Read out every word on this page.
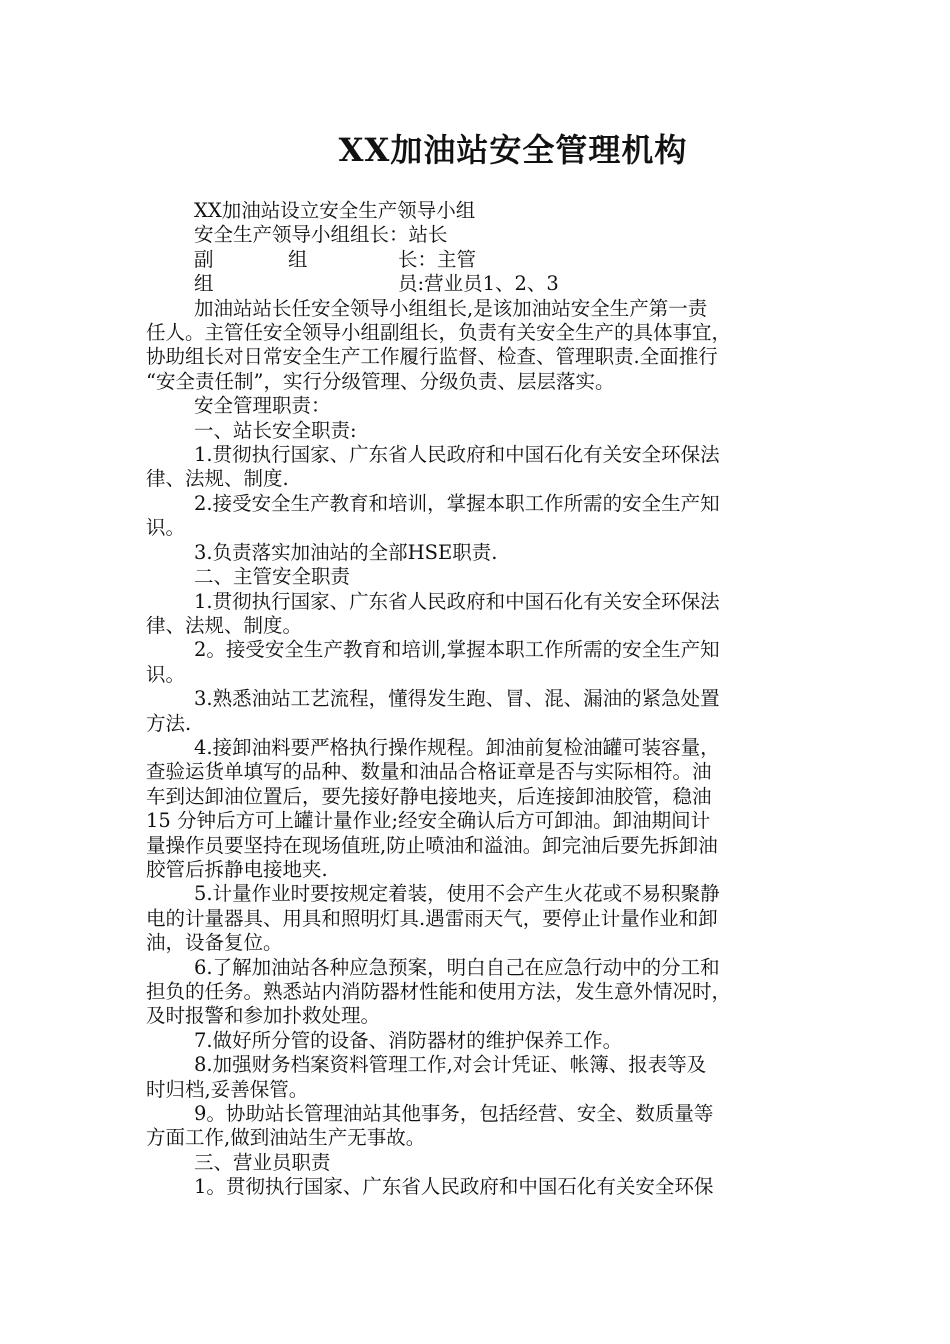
XX加油站安全管理机构

XX加油站设立安全生产领导小组

安全生产领导小组组长：站长

副	组	长：主管

组	员:营业员1、2、3

加油站站长任安全领导小组组长,是该加油站安全生产第一责

任人。主管任安全领导小组副组长，负责有关安全生产的具体事宜，

协助组长对日常安全生产工作履行监督、检查、管理职责.全面推行

“安全责任制”，实行分级管理、分级负责、层层落实。

安全管理职责：

一、站长安全职责:

1.贯彻执行国家、广东省人民政府和中国石化有关安全环保法

律、法规、制度.

2.接受安全生产教育和培训，掌握本职工作所需的安全生产知

识。

3.负责落实加油站的全部HSE职责.

二、主管安全职责

1.贯彻执行国家、广东省人民政府和中国石化有关安全环保法

律、法规、制度。

2。接受安全生产教育和培训,掌握本职工作所需的安全生产知

识。

3.熟悉油站工艺流程，懂得发生跑、冒、混、漏油的紧急处置

方法.

4.接卸油料要严格执行操作规程。卸油前复检油罐可装容量，

查验运货单填写的品种、数量和油品合格证章是否与实际相符。油

车到达卸油位置后，要先接好静电接地夹，后连接卸油胶管，稳油

15 分钟后方可上罐计量作业;经安全确认后方可卸油。卸油期间计

量操作员要坚持在现场值班,防止喷油和溢油。卸完油后要先拆卸油

胶管后拆静电接地夹.

5.计量作业时要按规定着装，使用不会产生火花或不易积聚静

电的计量器具、用具和照明灯具.遇雷雨天气，要停止计量作业和卸

油，设备复位。

6.了解加油站各种应急预案，明白自己在应急行动中的分工和

担负的任务。熟悉站内消防器材性能和使用方法，发生意外情况时，

及时报警和参加扑救处理。

7.做好所分管的设备、消防器材的维护保养工作。

8.加强财务档案资料管理工作,对会计凭证、帐簿、报表等及

时归档,妥善保管。

9。协助站长管理油站其他事务，包括经营、安全、数质量等

方面工作,做到油站生产无事故。

三、营业员职责

1。贯彻执行国家、广东省人民政府和中国石化有关安全环保
